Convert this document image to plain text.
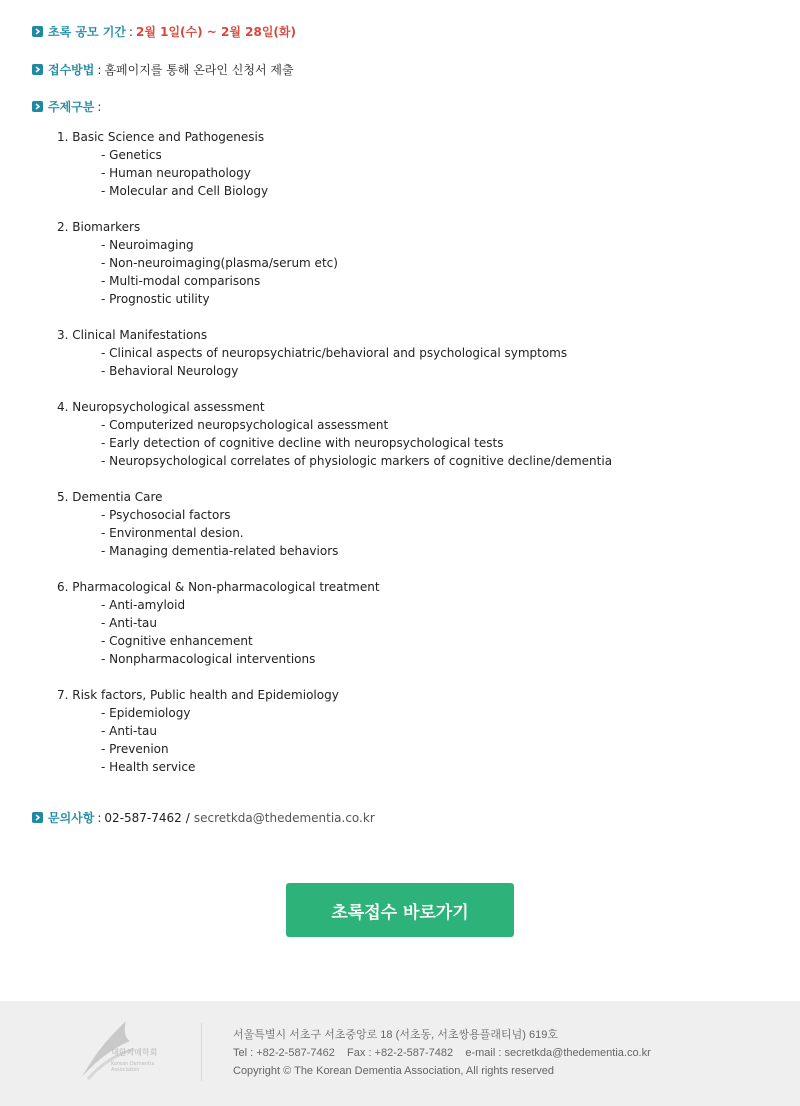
초록 공모 기간 : 2월 1일(수) ~ 2월 28일(화)
접수방법 : 홈페이지를 통해 온라인 신청서 제출
주제구분 :
1. Basic Science and Pathogenesis
- Genetics
- Human neuropathology
- Molecular and Cell Biology
2. Biomarkers
- Neuroimaging
- Non-neuroimaging(plasma/serum etc)
- Multi-modal comparisons
- Prognostic utility
3. Clinical Manifestations
- Clinical aspects of neuropsychiatric/behavioral and psychological symptoms
- Behavioral Neurology
4. Neuropsychological assessment
- Computerized neuropsychological assessment
- Early detection of cognitive decline with neuropsychological tests
- Neuropsychological correlates of physiologic markers of cognitive decline/dementia
5. Dementia Care
- Psychosocial factors
- Environmental desion.
- Managing dementia-related behaviors
6. Pharmacological & Non-pharmacological treatment
- Anti-amyloid
- Anti-tau
- Cognitive enhancement
- Nonpharmacological interventions
7. Risk factors, Public health and Epidemiology
- Epidemiology
- Anti-tau
- Prevenion
- Health service
문의사항 : 02-587-7462 / secretkda@thedementia.co.kr
초록접수 바로가기
대한치매학회
Korean Dementia
Association
서울특별시 서초구 서초중앙로 18 (서초동, 서초쌍용플래티넘) 619호
Tel : +82-2-587-7462    Fax : +82-2-587-7482    e-mail : secretkda@thedementia.co.kr
Copyright © The Korean Dementia Association, All rights reserved
